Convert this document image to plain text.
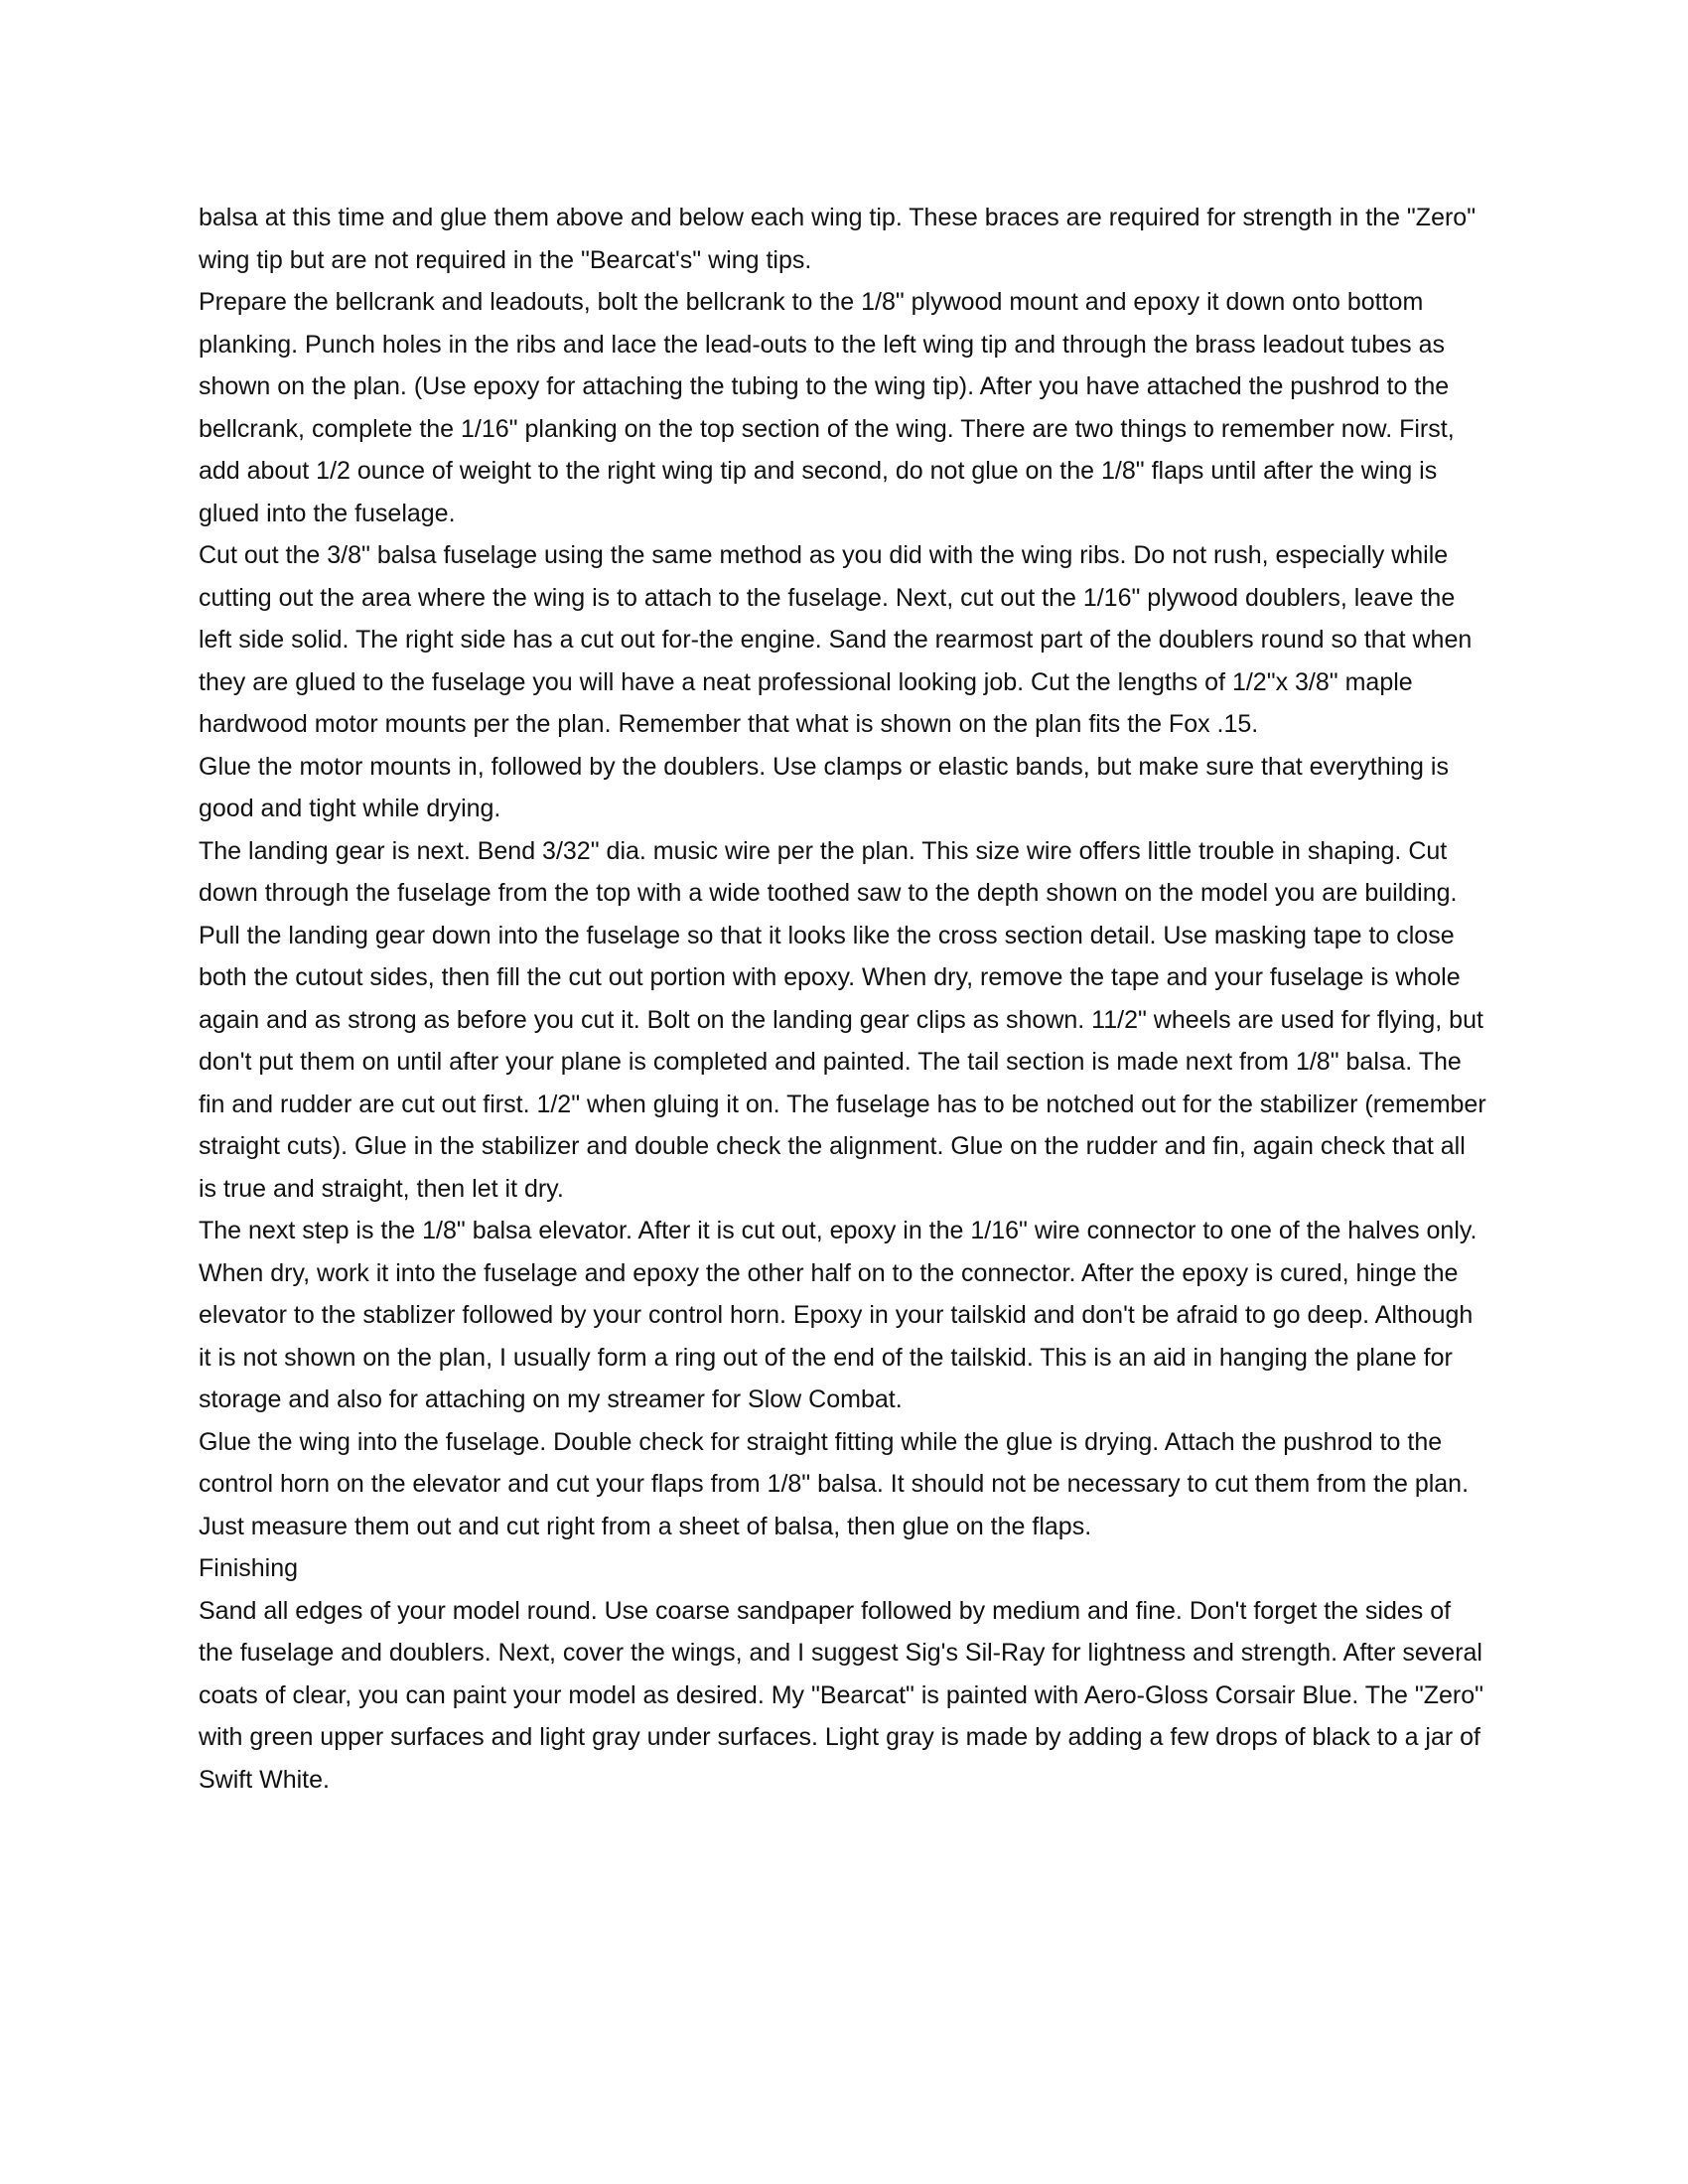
balsa at this time and glue them above and below each wing tip. These braces are required for strength in the "Zero" wing tip but are not required in the "Bearcat's" wing tips.

Prepare the bellcrank and leadouts, bolt the bellcrank to the 1/8" plywood mount and epoxy it down onto bottom planking. Punch holes in the ribs and lace the lead-outs to the left wing tip and through the brass leadout tubes as shown on the plan. (Use epoxy for attaching the tubing to the wing tip). After you have attached the pushrod to the bellcrank, complete the 1/16" planking on the top section of the wing. There are two things to remember now. First, add about 1/2 ounce of weight to the right wing tip and second, do not glue on the 1/8" flaps until after the wing is glued into the fuselage.

Cut out the 3/8" balsa fuselage using the same method as you did with the wing ribs. Do not rush, especially while cutting out the area where the wing is to attach to the fuselage. Next, cut out the 1/16" plywood doublers, leave the left side solid. The right side has a cut out for-the engine. Sand the rearmost part of the doublers round so that when they are glued to the fuselage you will have a neat professional looking job. Cut the lengths of 1/2"x 3/8" maple hardwood motor mounts per the plan. Remember that what is shown on the plan fits the Fox .15.

Glue the motor mounts in, followed by the doublers. Use clamps or elastic bands, but make sure that everything is good and tight while drying.

The landing gear is next. Bend 3/32" dia. music wire per the plan. This size wire offers little trouble in shaping. Cut down through the fuselage from the top with a wide toothed saw to the depth shown on the model you are building. Pull the landing gear down into the fuselage so that it looks like the cross section detail. Use masking tape to close both the cutout sides, then fill the cut out portion with epoxy. When dry, remove the tape and your fuselage is whole again and as strong as before you cut it. Bolt on the landing gear clips as shown. 11/2" wheels are used for flying, but don't put them on until after your plane is completed and painted. The tail section is made next from 1/8" balsa. The fin and rudder are cut out first. 1/2" when gluing it on. The fuselage has to be notched out for the stabilizer (remember straight cuts). Glue in the stabilizer and double check the alignment. Glue on the rudder and fin, again check that all is true and straight, then let it dry.

The next step is the 1/8" balsa elevator. After it is cut out, epoxy in the 1/16" wire connector to one of the halves only. When dry, work it into the fuselage and epoxy the other half on to the connector. After the epoxy is cured, hinge the elevator to the stablizer followed by your control horn. Epoxy in your tailskid and don't be afraid to go deep. Although it is not shown on the plan, I usually form a ring out of the end of the tailskid. This is an aid in hanging the plane for storage and also for attaching on my streamer for Slow Combat.

Glue the wing into the fuselage. Double check for straight fitting while the glue is drying. Attach the pushrod to the control horn on the elevator and cut your flaps from 1/8" balsa. It should not be necessary to cut them from the plan. Just measure them out and cut right from a sheet of balsa, then glue on the flaps.

Finishing

Sand all edges of your model round. Use coarse sandpaper followed by medium and fine. Don't forget the sides of the fuselage and doublers. Next, cover the wings, and I suggest Sig's Sil-Ray for lightness and strength. After several coats of clear, you can paint your model as desired. My "Bearcat" is painted with Aero-Gloss Corsair Blue. The "Zero" with green upper surfaces and light gray under surfaces. Light gray is made by adding a few drops of black to a jar of Swift White.
